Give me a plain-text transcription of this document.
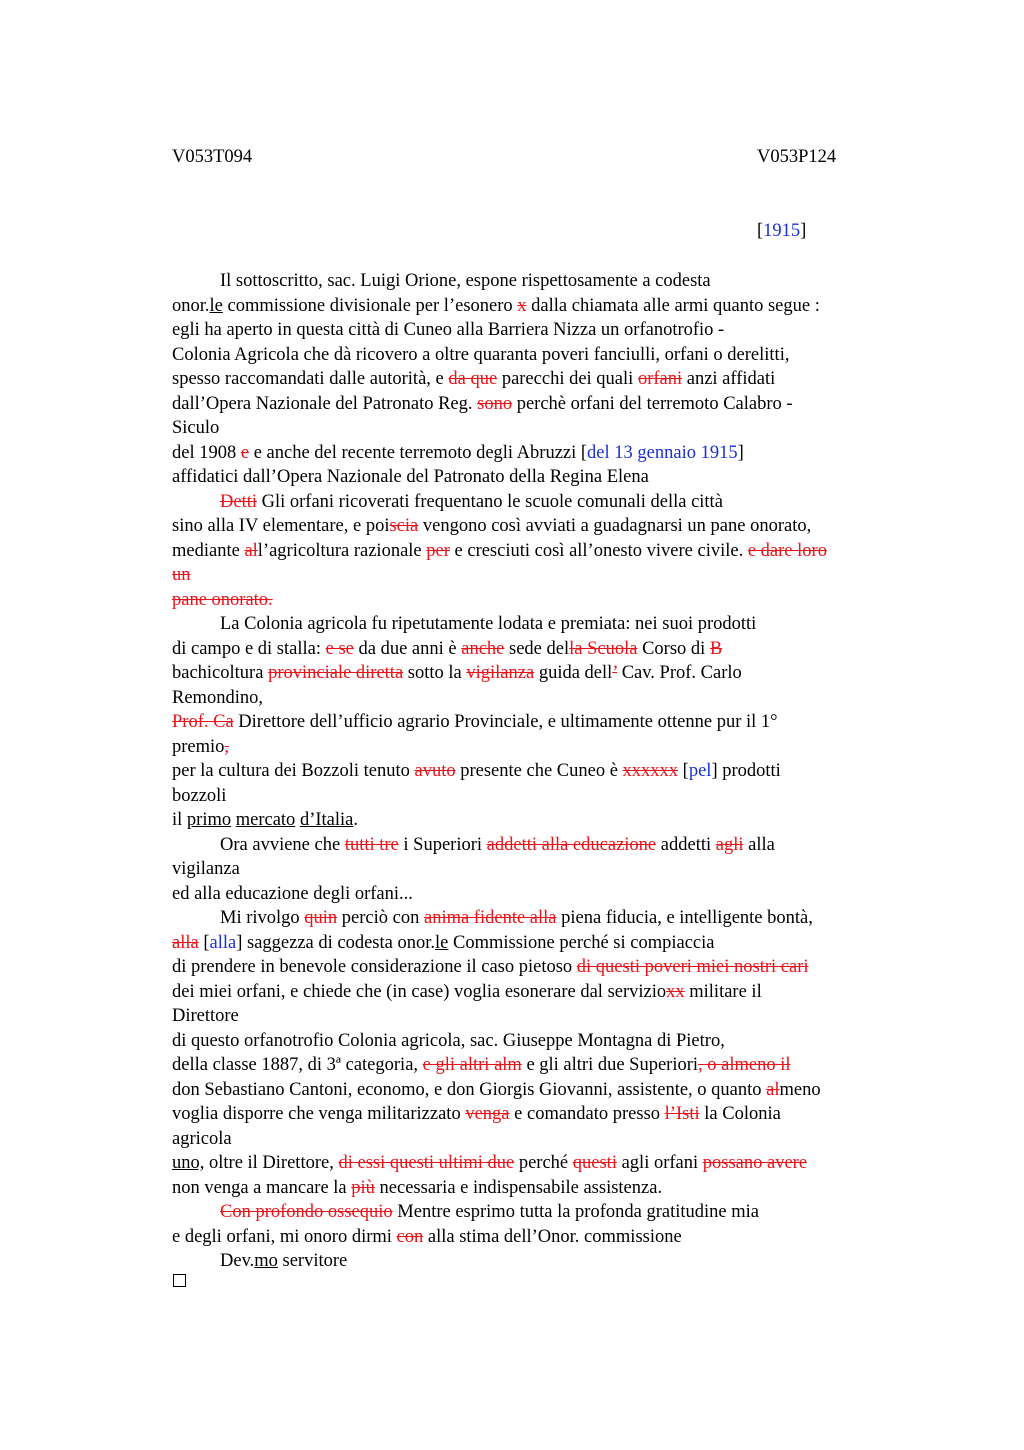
V053T094	V053P124
[1915]
Il sottoscritto, sac. Luigi Orione, espone rispettosamente a codesta
onor.le commissione divisionale per l’esonero x dalla chiamata alle armi quanto segue :
egli ha aperto in questa città di Cuneo alla Barriera Nizza un orfanotrofio -
Colonia Agricola che dà ricovero a oltre quaranta poveri fanciulli, orfani o derelitti,
spesso raccomandati dalle autorità, e da que parecchi dei quali orfani anzi affidati
dall’Opera Nazionale del Patronato Reg. sono perchè orfani del terremoto Calabro -
Siculo
del 1908 e e anche del recente terremoto degli Abruzzi [del 13 gennaio 1915]
affidatici dall’Opera Nazionale del Patronato della Regina Elena
Detti Gli orfani ricoverati frequentano le scuole comunali della città
sino alla IV elementare, e poiscia vengono così avviati a guadagnarsi un pane onorato,
mediante all’agricoltura razionale per e cresciuti così all’onesto vivere civile. e dare loro
un
pane onorato.
La Colonia agricola fu ripetutamente lodata e premiata: nei suoi prodotti
di campo e di stalla: e se da due anni è anche sede della Scuola Corso di B
bachicoltura provinciale diretta sotto la vigilanza guida dell’ Cav. Prof. Carlo
Remondino,
Prof. Ca Direttore dell’ufficio agrario Provinciale, e ultimamente ottenne pur il 1°
premio,
per la cultura dei Bozzoli tenuto avuto presente che Cuneo è xxxxxx [pel] prodotti
bozzoli
il primo mercato d’Italia.
Ora avviene che tutti tre i Superiori addetti alla educazione addetti agli alla
vigilanza
ed alla educazione degli orfani...
Mi rivolgo quin perciò con anima fidente alla piena fiducia, e intelligente bontà,
alla [alla] saggezza di codesta onor.le Commissione perché si compiaccia
di prendere in benevole considerazione il caso pietoso di questi poveri miei nostri cari
dei miei orfani, e chiede che (in case) voglia esonerare dal servizioxx militare il
Direttore
di questo orfanotrofio Colonia agricola, sac. Giuseppe Montagna di Pietro,
della classe 1887, di 3ª categoria, e gli altri alm e gli altri due Superiori, o almeno il
don Sebastiano Cantoni, economo, e don Giorgis Giovanni, assistente, o quanto almeno
voglia disporre che venga militarizzato venga e comandato presso l’Isti la Colonia
agricola
uno, oltre il Direttore, di essi questi ultimi due perché questi agli orfani possano avere
non venga a mancare la più necessaria e indispensabile assistenza.
Con profondo ossequio Mentre esprimo tutta la profonda gratitudine mia
e degli orfani, mi onoro dirmi con alla stima dell’Onor. commissione
Dev.mo servitore
